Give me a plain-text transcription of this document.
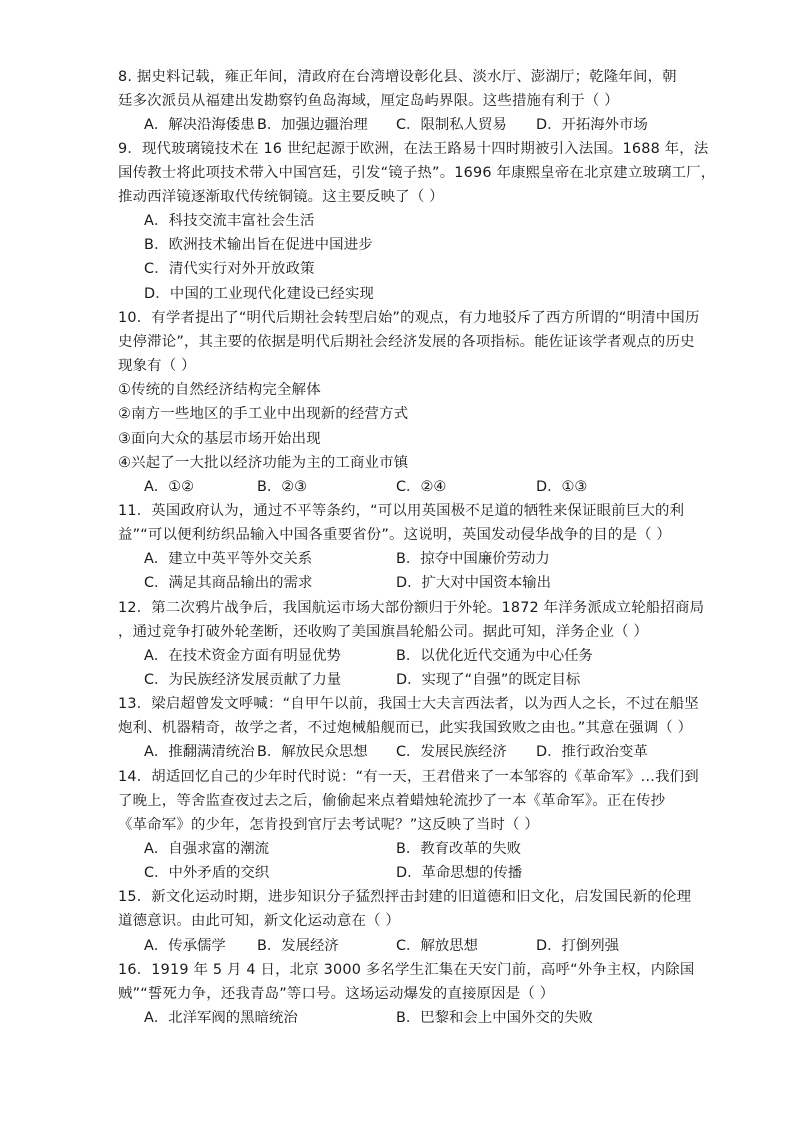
8. 据史料记载，雍正年间，清政府在台湾增设彰化县、淡水厅、澎湖厅；乾隆年间，朝
廷多次派员从福建出发勘察钓鱼岛海域，厘定岛屿界限。这些措施有利于（ ）
A．解决沿海倭患 B．加强边疆治理 C．限制私人贸易 D．开拓海外市场
9．现代玻璃镜技术在 16 世纪起源于欧洲，在法王路易十四时期被引入法国。1688 年，法
国传教士将此项技术带入中国宫廷，引发“镜子热”。1696 年康熙皇帝在北京建立玻璃工厂，
推动西洋镜逐渐取代传统铜镜。这主要反映了（ ）
A．科技交流丰富社会生活
B．欧洲技术输出旨在促进中国进步
C．清代实行对外开放政策
D．中国的工业现代化建设已经实现
10．有学者提出了“明代后期社会转型启始”的观点，有力地驳斥了西方所谓的“明清中国历
史停滞论”，其主要的依据是明代后期社会经济发展的各项指标。能佐证该学者观点的历史
现象有（ ）
①传统的自然经济结构完全解体
②南方一些地区的手工业中出现新的经营方式
③面向大众的基层市场开始出现
④兴起了一大批以经济功能为主的工商业市镇
A．①②	B．②③	C．②④	D．①③
11．英国政府认为，通过不平等条约，“可以用英国极不足道的牺牲来保证眼前巨大的利
益”“可以便利纺织品输入中国各重要省份”。这说明，英国发动侵华战争的目的是（ ）
A．建立中英平等外交关系	B．掠夺中国廉价劳动力
C．满足其商品输出的需求	D．扩大对中国资本输出
12．第二次鸦片战争后，我国航运市场大部份额归于外轮。1872 年洋务派成立轮船招商局
，通过竞争打破外轮垄断，还收购了美国旗昌轮船公司。据此可知，洋务企业（ ）
A．在技术资金方面有明显优势	B．以优化近代交通为中心任务
C．为民族经济发展贡献了力量	D．实现了“自强”的既定目标
13．梁启超曾发文呼喊：“自甲午以前，我国士大夫言西法者，以为西人之长，不过在船坚
炮利、机器精奇，故学之者，不过炮械船舰而已，此实我国致败之由也。”其意在强调（ ）
A．推翻满清统治 B．解放民众思想 C．发展民族经济 D．推行政治变革
14．胡适回忆自己的少年时代时说：“有一天，王君借来了一本邹容的《革命军》…我们到
了晚上，等舍监查夜过去之后，偷偷起来点着蜡烛轮流抄了一本《革命军》。正在传抄
《革命军》的少年，怎肯投到官厅去考试呢？”这反映了当时（ ）
A．自强求富的潮流	B．教育改革的失败
C．中外矛盾的交织	D．革命思想的传播
15．新文化运动时期，进步知识分子猛烈抨击封建的旧道德和旧文化，启发国民新的伦理
道德意识。由此可知，新文化运动意在（ ）
A．传承儒学 B．发展经济	C．解放思想	D．打倒列强
16．1919 年 5 月 4 日，北京 3000 多名学生汇集在天安门前，高呼“外争主权，内除国
贼”“誓死力争，还我青岛”等口号。这场运动爆发的直接原因是（ ）
A．北洋军阀的黑暗统治	B．巴黎和会上中国外交的失败
